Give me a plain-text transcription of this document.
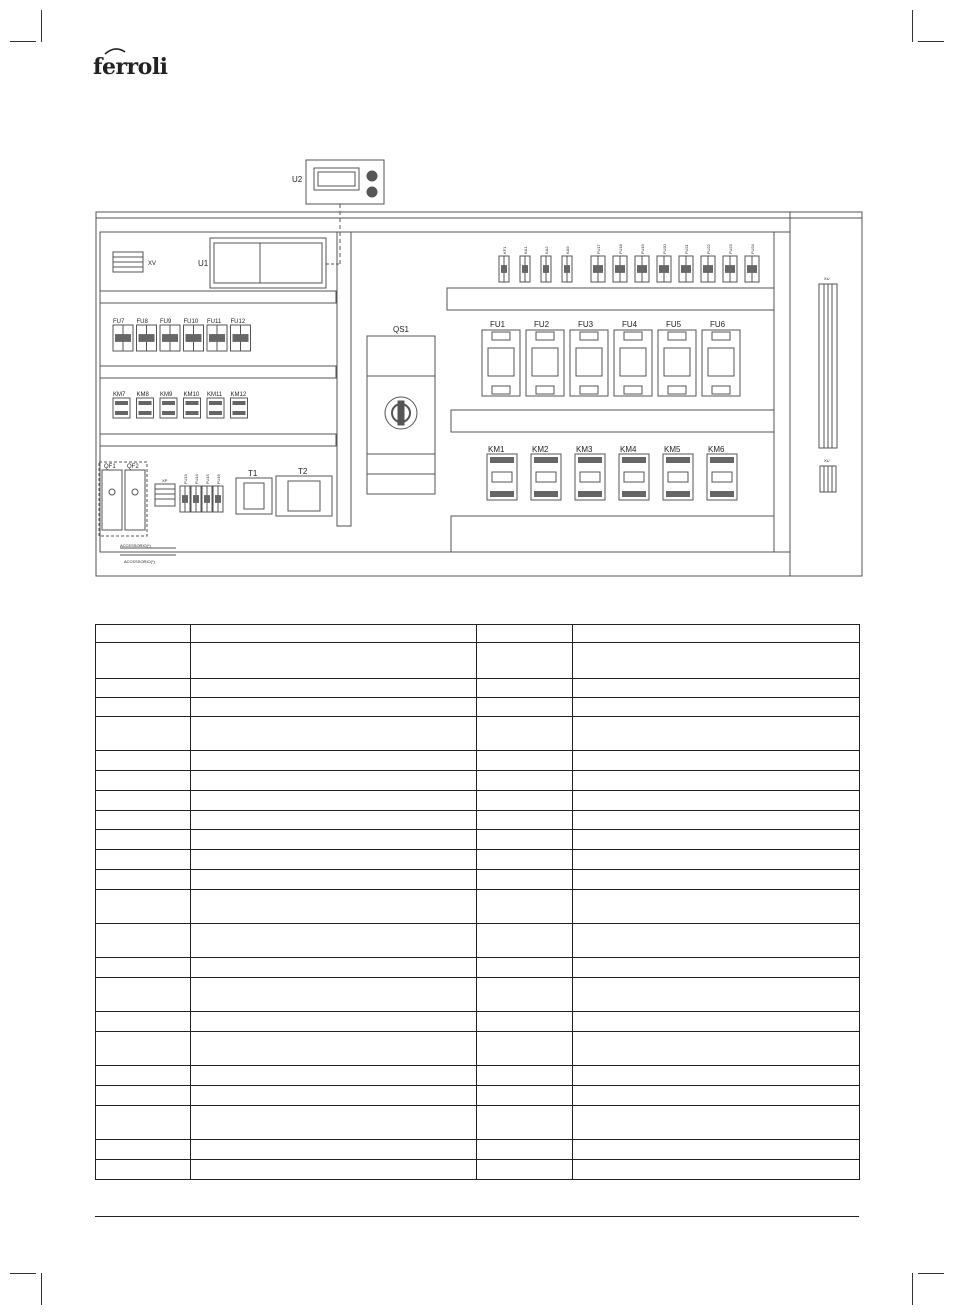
ferroli
U2
U1
XV
FU7 FU8 FU9 FU10 FU11 FU12
KM7 KM8 KM9 KM10 KM11 KM12
QF1 QF2
ACCESSORIO(*)
ACCESSORIO(*)
XP	FU13 FU14 FU15 FU16
T1	T2
QS1
KF1	KA1	KA2	KA9	FU17	FU18	FU19	FU20	FU21	FU22	FU23	FU24
FU1	FU2	FU3	FU4	FU5	FU6
KM1	KM2	KM3	KM4	KM5	KM6
XU
XU
